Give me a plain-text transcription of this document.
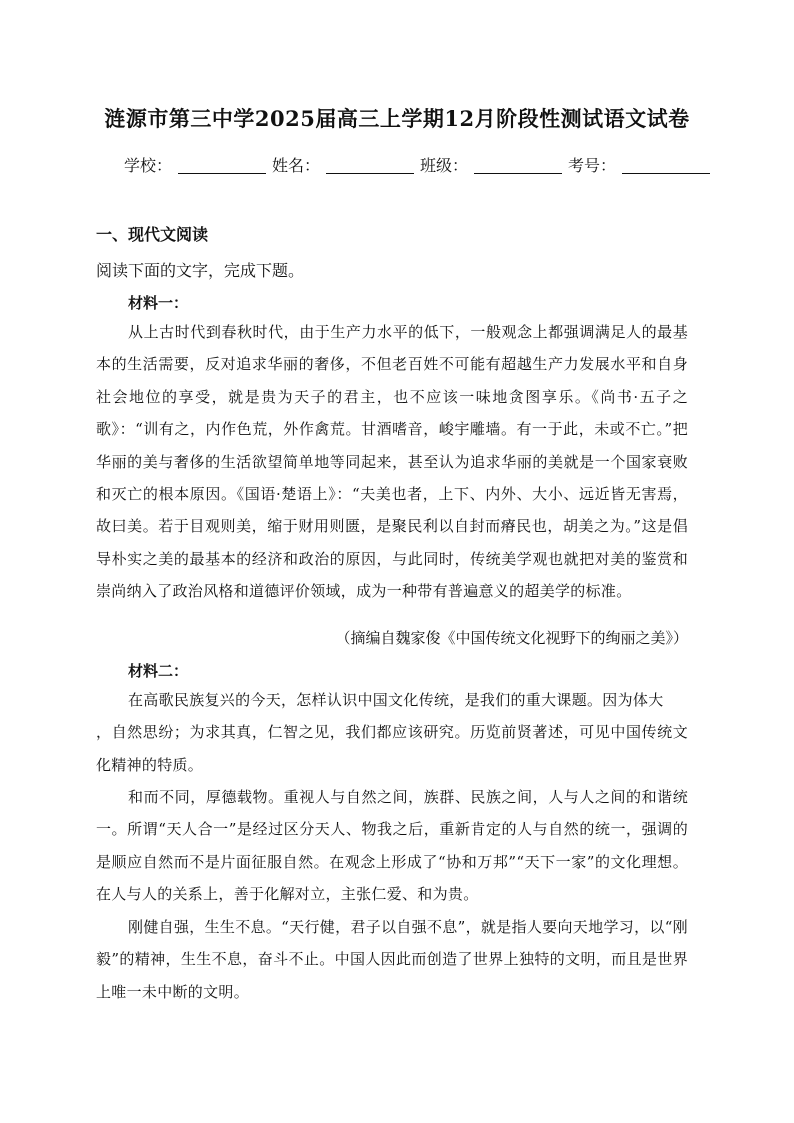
涟源市第三中学2025届高三上学期12月阶段性测试语文试卷
学校：	姓名：	班级：	考号：
一、现代文阅读
阅读下面的文字，完成下题。
材料一：
从上古时代到春秋时代，由于生产力水平的低下，一般观念上都强调满足人的最基本的生活需要，反对追求华丽的奢侈，不但老百姓不可能有超越生产力发展水平和自身社会地位的享受，就是贵为天子的君主，也不应该一味地贪图享乐。《尚书·五子之歌》：“训有之，内作色荒，外作禽荒。甘酒嗜音，峻宇雕墙。有一于此，未或不亡。”把华丽的美与奢侈的生活欲望简单地等同起来，甚至认为追求华丽的美就是一个国家衰败和灭亡的根本原因。《国语·楚语上》：“夫美也者，上下、内外、大小、远近皆无害焉，故曰美。若于目观则美，缩于财用则匮，是聚民利以自封而瘠民也，胡美之为。”这是倡导朴实之美的最基本的经济和政治的原因，与此同时，传统美学观也就把对美的鉴赏和崇尚纳入了政治风格和道德评价领域，成为一种带有普遍意义的超美学的标准。
（摘编自魏家俊《中国传统文化视野下的绚丽之美》）
材料二：
在高歌民族复兴的今天，怎样认识中国文化传统，是我们的重大课题。因为体大
，自然思纷；为求其真，仁智之见，我们都应该研究。历览前贤著述，可见中国传统文化精神的特质。
和而不同，厚德载物。重视人与自然之间，族群、民族之间，人与人之间的和谐统一。所谓“天人合一”是经过区分天人、物我之后，重新肯定的人与自然的统一，强调的是顺应自然而不是片面征服自然。在观念上形成了“协和万邦”“天下一家”的文化理想。在人与人的关系上，善于化解对立，主张仁爱、和为贵。
刚健自强，生生不息。“天行健，君子以自强不息”，就是指人要向天地学习，以“刚毅”的精神，生生不息，奋斗不止。中国人因此而创造了世界上独特的文明，而且是世界上唯一未中断的文明。
